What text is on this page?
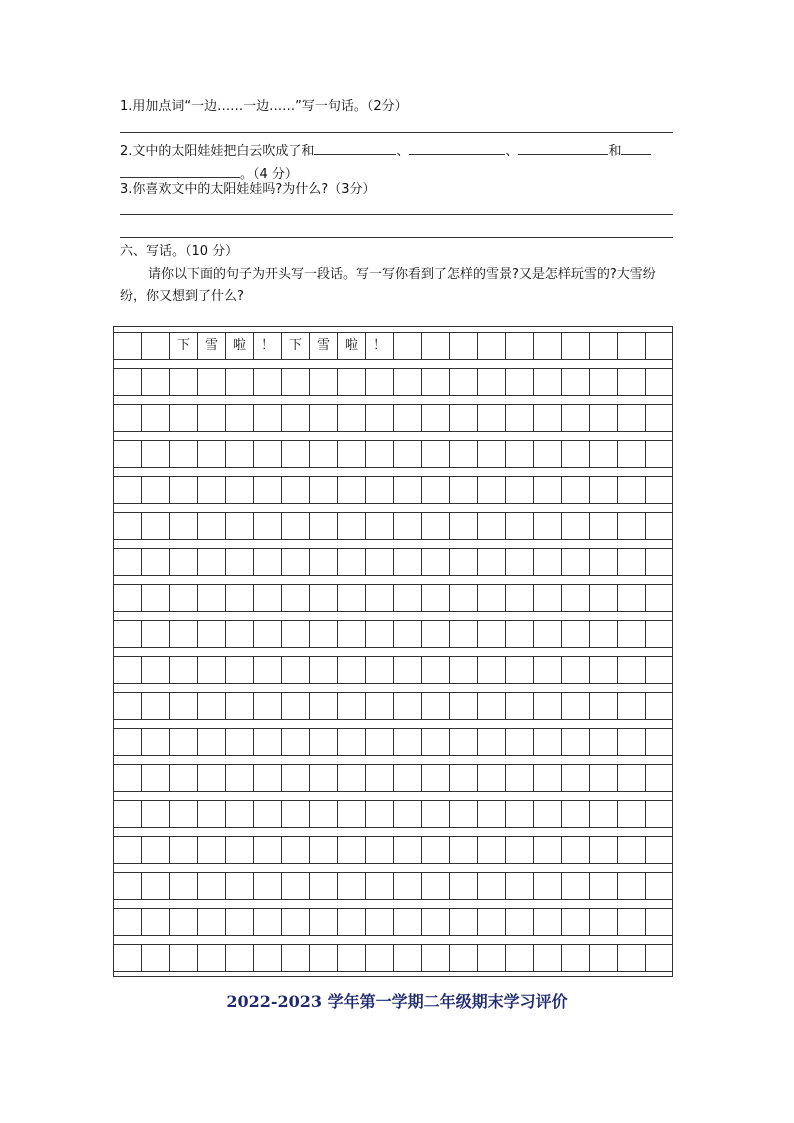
1.用加点词“一边……一边……”写一句话。（2分）
2.文中的太阳娃娃把白云吹成了和	、	、	和
。（4 分）
3.你喜欢文中的太阳娃娃吗?为什么?（3分）
六、写话。（10 分）
请你以下面的句子为开头写一段话。写一写你看到了怎样的雪景?又是怎样玩雪的?大雪纷纷，你又想到了什么?
下	雪	啦	！	下	雪	啦	！
2022-2023 学年第一学期二年级期末学习评价
